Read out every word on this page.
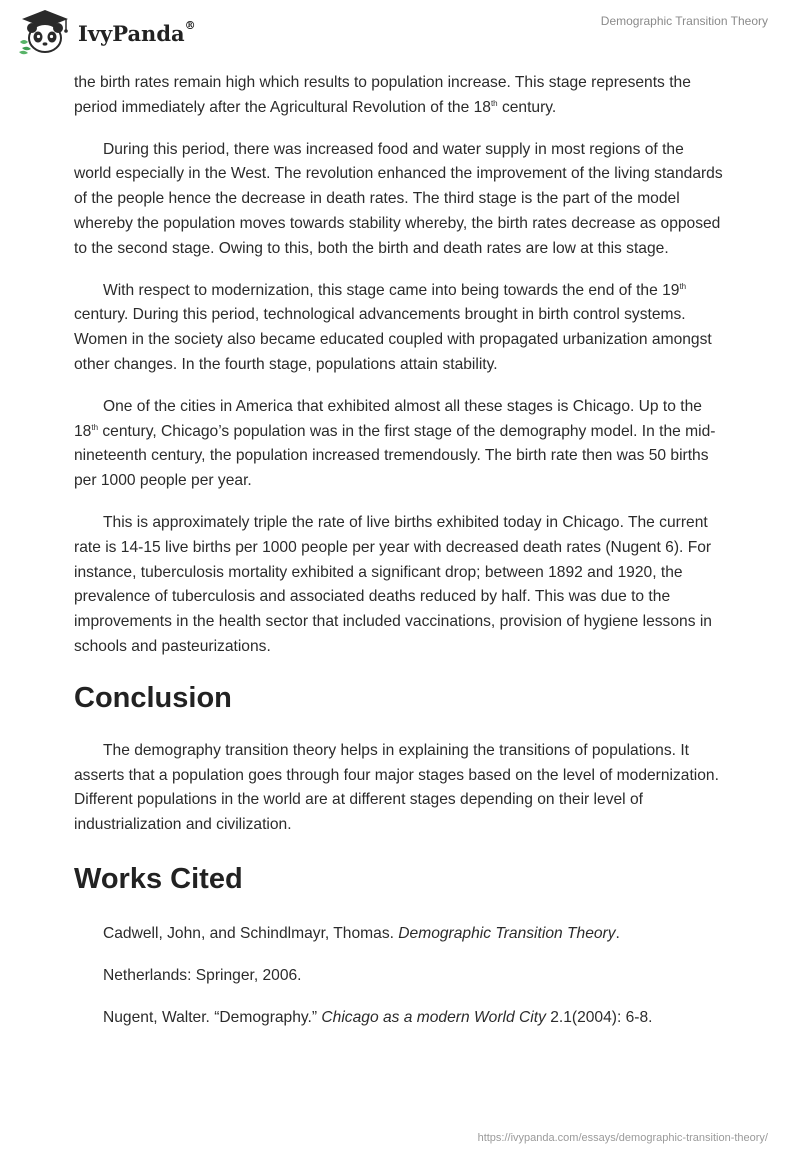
IvyPanda®	Demographic Transition Theory

the birth rates remain high which results to population increase. This stage represents the period immediately after the Agricultural Revolution of the 18th century.

During this period, there was increased food and water supply in most regions of the world especially in the West. The revolution enhanced the improvement of the living standards of the people hence the decrease in death rates. The third stage is the part of the model whereby the population moves towards stability whereby, the birth rates decrease as opposed to the second stage. Owing to this, both the birth and death rates are low at this stage.

With respect to modernization, this stage came into being towards the end of the 19th century. During this period, technological advancements brought in birth control systems. Women in the society also became educated coupled with propagated urbanization amongst other changes. In the fourth stage, populations attain stability.

One of the cities in America that exhibited almost all these stages is Chicago. Up to the 18th century, Chicago’s population was in the first stage of the demography model. In the mid-nineteenth century, the population increased tremendously. The birth rate then was 50 births per 1000 people per year.

This is approximately triple the rate of live births exhibited today in Chicago. The current rate is 14-15 live births per 1000 people per year with decreased death rates (Nugent 6). For instance, tuberculosis mortality exhibited a significant drop; between 1892 and 1920, the prevalence of tuberculosis and associated deaths reduced by half. This was due to the improvements in the health sector that included vaccinations, provision of hygiene lessons in schools and pasteurizations.

Conclusion

The demography transition theory helps in explaining the transitions of populations. It asserts that a population goes through four major stages based on the level of modernization. Different populations in the world are at different stages depending on their level of industrialization and civilization.

Works Cited

Cadwell, John, and Schindlmayr, Thomas. Demographic Transition Theory.

Netherlands: Springer, 2006.

Nugent, Walter. “Demography.” Chicago as a modern World City 2.1(2004): 6-8.

https://ivypanda.com/essays/demographic-transition-theory/
